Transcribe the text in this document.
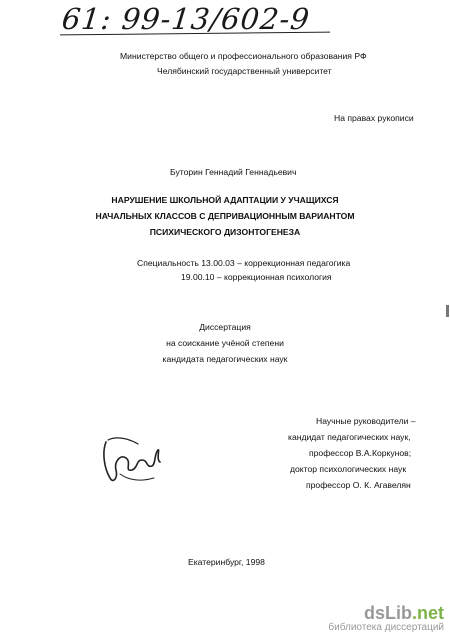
61: 99-13/602-9
Министерство общего и профессионального образования РФ
Челябинский государственный университет
На правах рукописи
Буторин Геннадий Геннадьевич
НАРУШЕНИЕ ШКОЛЬНОЙ АДАПТАЦИИ У УЧАЩИХСЯ
НАЧАЛЬНЫХ КЛАССОВ С ДЕПРИВАЦИОННЫМ ВАРИАНТОМ
ПСИХИЧЕСКОГО ДИЗОНТОГЕНЕЗА
Специальность 13.00.03 – коррекционная педагогика
19.00.10 – коррекционная психология
Диссертация
на соискание учёной степени
кандидата педагогических наук
Научные руководители –
кандидат педагогических наук,
профессор В.А.Коркунов;
доктор психологических наук
профессор О. К. Агавелян
Екатеринбург, 1998
dsLib.net
библиотека диссертаций
